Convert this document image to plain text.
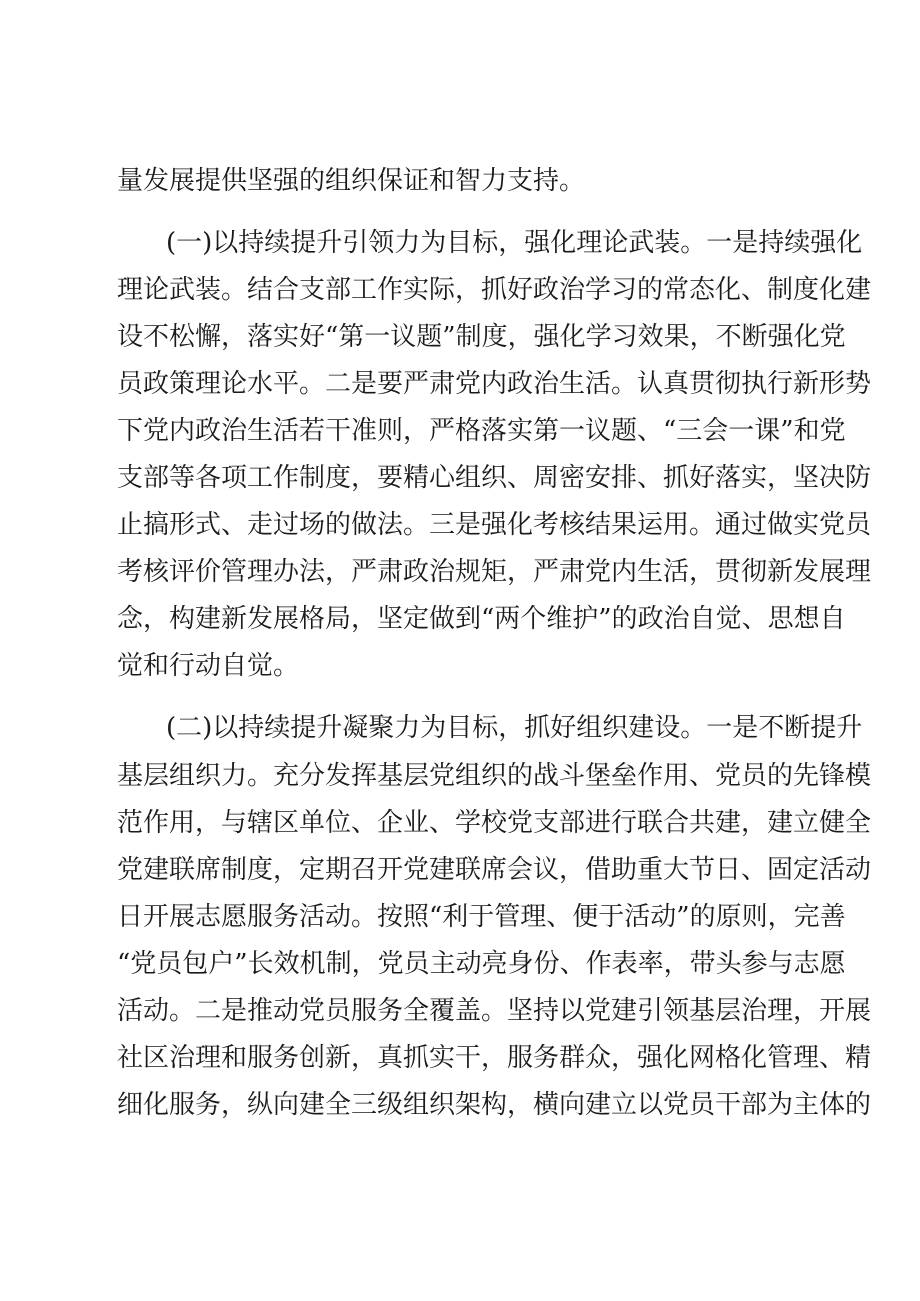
量发展提供坚强的组织保证和智力支持。
(一)以持续提升引领力为目标，强化理论武装。一是持续强化
理论武装。结合支部工作实际，抓好政治学习的常态化、制度化建
设不松懈，落实好“第一议题”制度，强化学习效果，不断强化党
员政策理论水平。二是要严肃党内政治生活。认真贯彻执行新形势
下党内政治生活若干准则，严格落实第一议题、“三会一课”和党
支部等各项工作制度，要精心组织、周密安排、抓好落实，坚决防
止搞形式、走过场的做法。三是强化考核结果运用。通过做实党员
考核评价管理办法，严肃政治规矩，严肃党内生活，贯彻新发展理
念，构建新发展格局，坚定做到“两个维护”的政治自觉、思想自
觉和行动自觉。
(二)以持续提升凝聚力为目标，抓好组织建设。一是不断提升
基层组织力。充分发挥基层党组织的战斗堡垒作用、党员的先锋模
范作用，与辖区单位、企业、学校党支部进行联合共建，建立健全
党建联席制度，定期召开党建联席会议，借助重大节日、固定活动
日开展志愿服务活动。按照“利于管理、便于活动”的原则，完善
“党员包户”长效机制，党员主动亮身份、作表率，带头参与志愿
活动。二是推动党员服务全覆盖。坚持以党建引领基层治理，开展
社区治理和服务创新，真抓实干，服务群众，强化网格化管理、精
细化服务，纵向建全三级组织架构，横向建立以党员干部为主体的
